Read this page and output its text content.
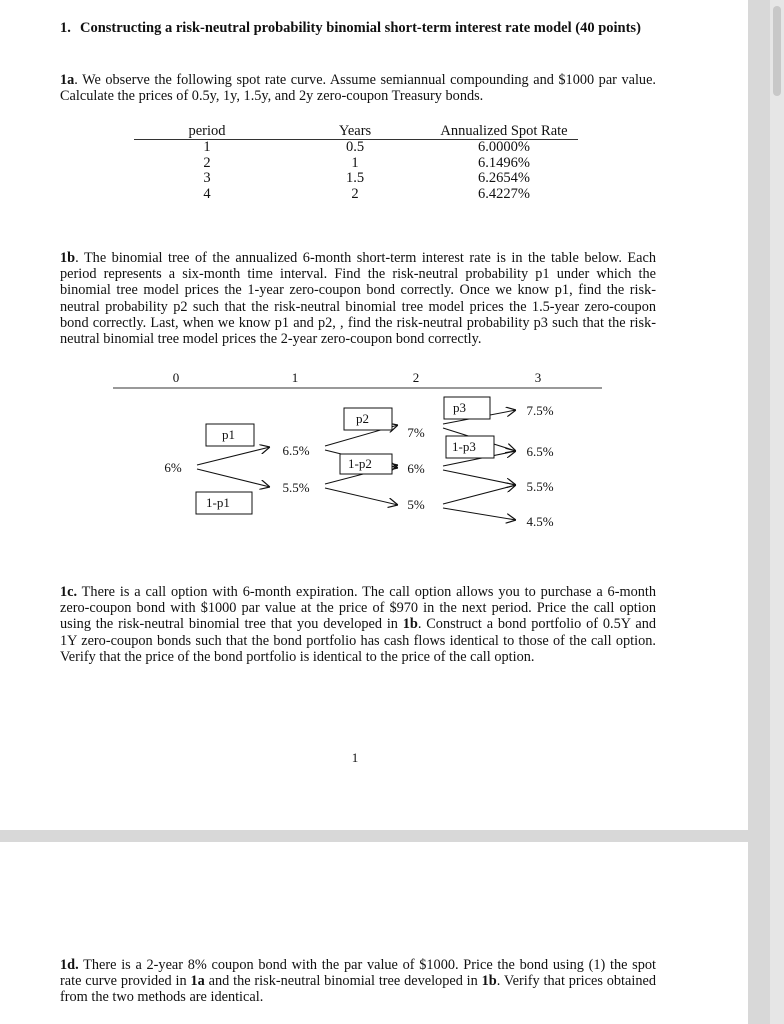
1. Constructing a risk-neutral probability binomial short-term interest rate model (40 points)

1a. We observe the following spot rate curve. Assume semiannual compounding and $1000 par value. Calculate the prices of 0.5y, 1y, 1.5y, and 2y zero-coupon Treasury bonds.

period	Years	Annualized Spot Rate
1	0.5	6.0000%
2	1	6.1496%
3	1.5	6.2654%
4	2	6.4227%

1b. The binomial tree of the annualized 6-month short-term interest rate is in the table below. Each period represents a six-month time interval. Find the risk-neutral probability p1 under which the binomial tree model prices the 1-year zero-coupon bond correctly. Once we know p1, find the risk-neutral probability p2 such that the risk-neutral binomial tree model prices the 1.5-year zero-coupon bond correctly. Last, when we know p1 and p2, , find the risk-neutral probability p3 such that the risk-neutral binomial tree model prices the 2-year zero-coupon bond correctly.

0	1	2	3
6%
6.5%
5.5%
7%
6%
5%
7.5%
6.5%
5.5%
4.5%
p1
1-p1
p2
1-p2
p3
1-p3

1c. There is a call option with 6-month expiration. The call option allows you to purchase a 6-month zero-coupon bond with $1000 par value at the price of $970 in the next period. Price the call option using the risk-neutral binomial tree that you developed in 1b. Construct a bond portfolio of 0.5Y and 1Y zero-coupon bonds such that the bond portfolio has cash flows identical to those of the call option. Verify that the price of the bond portfolio is identical to the price of the call option.

1

1d. There is a 2-year 8% coupon bond with the par value of $1000. Price the bond using (1) the spot rate curve provided in 1a and the risk-neutral binomial tree developed in 1b. Verify that prices obtained from the two methods are identical.
